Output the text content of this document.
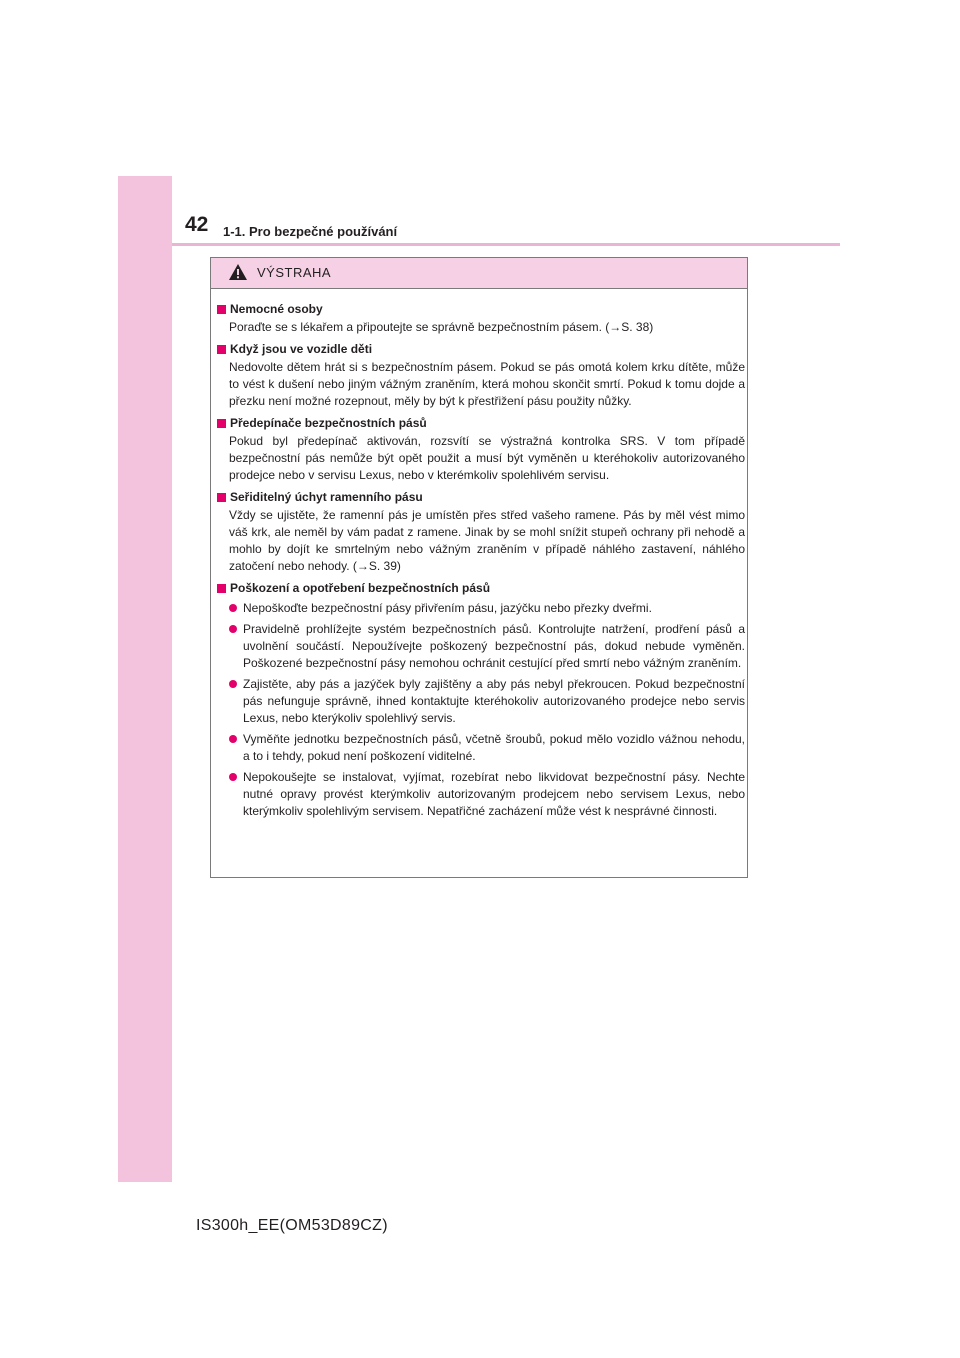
42 1-1. Pro bezpečné používání
VÝSTRAHA
Nemocné osoby
Poraďte se s lékařem a připoutejte se správně bezpečnostním pásem. (→S. 38)
Když jsou ve vozidle děti
Nedovolte dětem hrát si s bezpečnostním pásem. Pokud se pás omotá kolem krku dítěte, může to vést k dušení nebo jiným vážným zraněním, která mohou skončit smrtí. Pokud k tomu dojde a přezku není možné rozepnout, měly by být k přestřižení pásu použity nůžky.
Předepínače bezpečnostních pásů
Pokud byl předepínač aktivován, rozsvítí se výstražná kontrolka SRS. V tom případě bezpečnostní pás nemůže být opět použit a musí být vyměněn u kteréhokoliv autorizovaného prodejce nebo v servisu Lexus, nebo v kterémkoliv spolehlivém servisu.
Seřiditelný úchyt ramenního pásu
Vždy se ujistěte, že ramenní pás je umístěn přes střed vašeho ramene. Pás by měl vést mimo váš krk, ale neměl by vám padat z ramene. Jinak by se mohl snížit stupeň ochrany při nehodě a mohlo by dojít ke smrtelným nebo vážným zraněním v případě náhlého zastavení, náhlého zatočení nebo nehody. (→S. 39)
Poškození a opotřebení bezpečnostních pásů
Nepoškoďte bezpečnostní pásy přivřením pásu, jazýčku nebo přezky dveřmi.
Pravidelně prohlížejte systém bezpečnostních pásů. Kontrolujte natržení, prodření pásů a uvolnění součástí. Nepoužívejte poškozený bezpečnostní pás, dokud nebude vyměněn. Poškozené bezpečnostní pásy nemohou ochránit cestující před smrtí nebo vážným zraněním.
Zajistěte, aby pás a jazýček byly zajištěny a aby pás nebyl překroucen. Pokud bezpečnostní pás nefunguje správně, ihned kontaktujte kteréhokoliv autorizovaného prodejce nebo servis Lexus, nebo kterýkoliv spolehlivý servis.
Vyměňte jednotku bezpečnostních pásů, včetně šroubů, pokud mělo vozidlo vážnou nehodu, a to i tehdy, pokud není poškození viditelné.
Nepokoušejte se instalovat, vyjímat, rozebírat nebo likvidovat bezpečnostní pásy. Nechte nutné opravy provést kterýmkoliv autorizovaným prodejcem nebo servisem Lexus, nebo kterýmkoliv spolehlivým servisem. Nepatřičné zacházení může vést k nesprávné činnosti.
IS300h_EE(OM53D89CZ)
